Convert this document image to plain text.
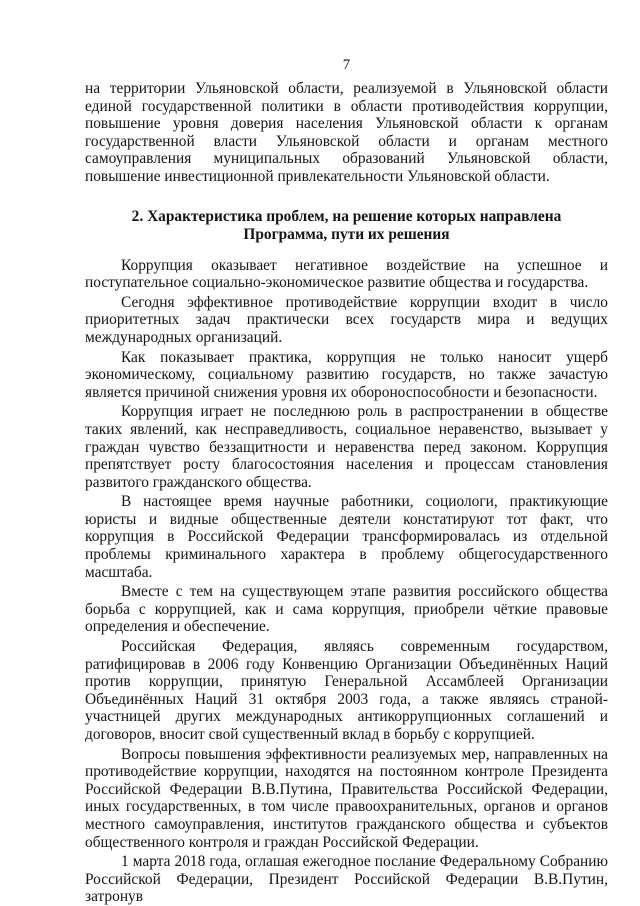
7

на территории Ульяновской области, реализуемой в Ульяновской области единой государственной политики в области противодействия коррупции, повышение уровня доверия населения Ульяновской области к органам государственной власти Ульяновской области и органам местного самоуправления муниципальных образований Ульяновской области, повышение инвестиционной привлекательности Ульяновской области.

2. Характеристика проблем, на решение которых направлена
Программа, пути их решения

Коррупция оказывает негативное воздействие на успешное и поступательное социально-экономическое развитие общества и государства.

Сегодня эффективное противодействие коррупции входит в число приоритетных задач практически всех государств мира и ведущих международных организаций.

Как показывает практика, коррупция не только наносит ущерб экономическому, социальному развитию государств, но также зачастую является причиной снижения уровня их обороноспособности и безопасности.

Коррупция играет не последнюю роль в распространении в обществе таких явлений, как несправедливость, социальное неравенство, вызывает у граждан чувство беззащитности и неравенства перед законом. Коррупция препятствует росту благосостояния населения и процессам становления развитого гражданского общества.

В настоящее время научные работники, социологи, практикующие юристы и видные общественные деятели констатируют тот факт, что коррупция в Российской Федерации трансформировалась из отдельной проблемы криминального характера в проблему общегосударственного масштаба.

Вместе с тем на существующем этапе развития российского общества борьба с коррупцией, как и сама коррупция, приобрели чёткие правовые определения и обеспечение.

Российская Федерация, являясь современным государством, ратифицировав в 2006 году Конвенцию Организации Объединённых Наций против коррупции, принятую Генеральной Ассамблеей Организации Объединённых Наций 31 октября 2003 года, а также являясь страной-участницей других международных антикоррупционных соглашений и договоров, вносит свой существенный вклад в борьбу с коррупцией.

Вопросы повышения эффективности реализуемых мер, направленных на противодействие коррупции, находятся на постоянном контроле Президента Российской Федерации В.В.Путина, Правительства Российской Федерации, иных государственных, в том числе правоохранительных, органов и органов местного самоуправления, институтов гражданского общества и субъектов общественного контроля и граждан Российской Федерации.

1 марта 2018 года, оглашая ежегодное послание Федеральному Собранию Российской Федерации, Президент Российской Федерации В.В.Путин, затронув
